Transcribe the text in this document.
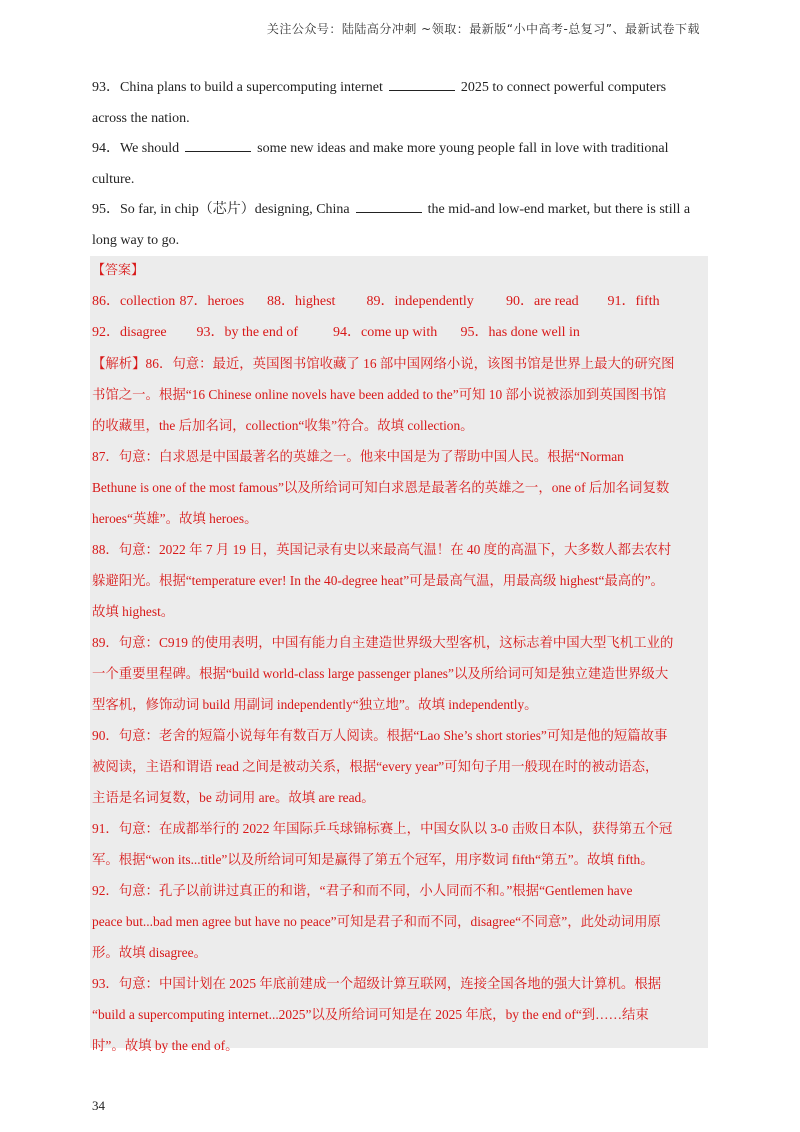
关注公众号：陆陆高分冲刺 ~领取：最新版“小中高考-总复习”、最新试卷下载
93．China plans to build a supercomputing internet	2025 to connect powerful computers
across the nation.
94．We should	some new ideas and make more young people fall in love with traditional
culture.
95．So far, in chip（芯片）designing, China	the mid-and low-end market, but there is still a
long way to go.
【答案】
86．collection 87．heroes 88．highest 89．independently 90．are read 91．fifth
92．disagree 93．by the end of	94．come up with 95．has done well in

【解析】86．句意：最近，英国图书馆收藏了 16 部中国网络小说，该图书馆是世界上最大的研究图

书馆之一。根据“16 Chinese online novels have been added to the”可知 10 部小说被添加到英国图书馆

的收藏里，the 后加名词，collection“收集”符合。故填 collection。

87．句意：白求恩是中国最著名的英雄之一。他来中国是为了帮助中国人民。根据“Norman

Bethune is one of the most famous”以及所给词可知白求恩是最著名的英雄之一，one of 后加名词复数

heroes“英雄”。故填 heroes。

88．句意：2022 年 7 月 19 日，英国记录有史以来最高气温！在 40 度的高温下，大多数人都去农村

躲避阳光。根据“temperature ever! In the 40-degree heat”可是最高气温，用最高级 highest“最高的”。

故填 highest。

89．句意：C919 的使用表明，中国有能力自主建造世界级大型客机，这标志着中国大型飞机工业的

一个重要里程碑。根据“build world-class large passenger planes”以及所给词可知是独立建造世界级大

型客机，修饰动词 build 用副词 independently“独立地”。故填 independently。

90．句意：老舍的短篇小说每年有数百万人阅读。根据“Lao She’s short stories”可知是他的短篇故事

被阅读，主语和谓语 read 之间是被动关系，根据“every year”可知句子用一般现在时的被动语态，

主语是名词复数，be 动词用 are。故填 are read。

91．句意：在成都举行的 2022 年国际乒乓球锦标赛上，中国女队以 3-0 击败日本队，获得第五个冠

军。根据“won its...title”以及所给词可知是赢得了第五个冠军，用序数词 fifth“第五”。故填 fifth。

92．句意：孔子以前讲过真正的和谐，“君子和而不同，小人同而不和。”根据“Gentlemen have

peace but...bad men agree but have no peace”可知是君子和而不同，disagree“不同意”，此处动词用原

形。故填 disagree。

93．句意：中国计划在 2025 年底前建成一个超级计算互联网，连接全国各地的强大计算机。根据

“build a supercomputing internet...2025”以及所给词可知是在 2025 年底，by the end of“到……结束

时”。故填 by the end of。

34
